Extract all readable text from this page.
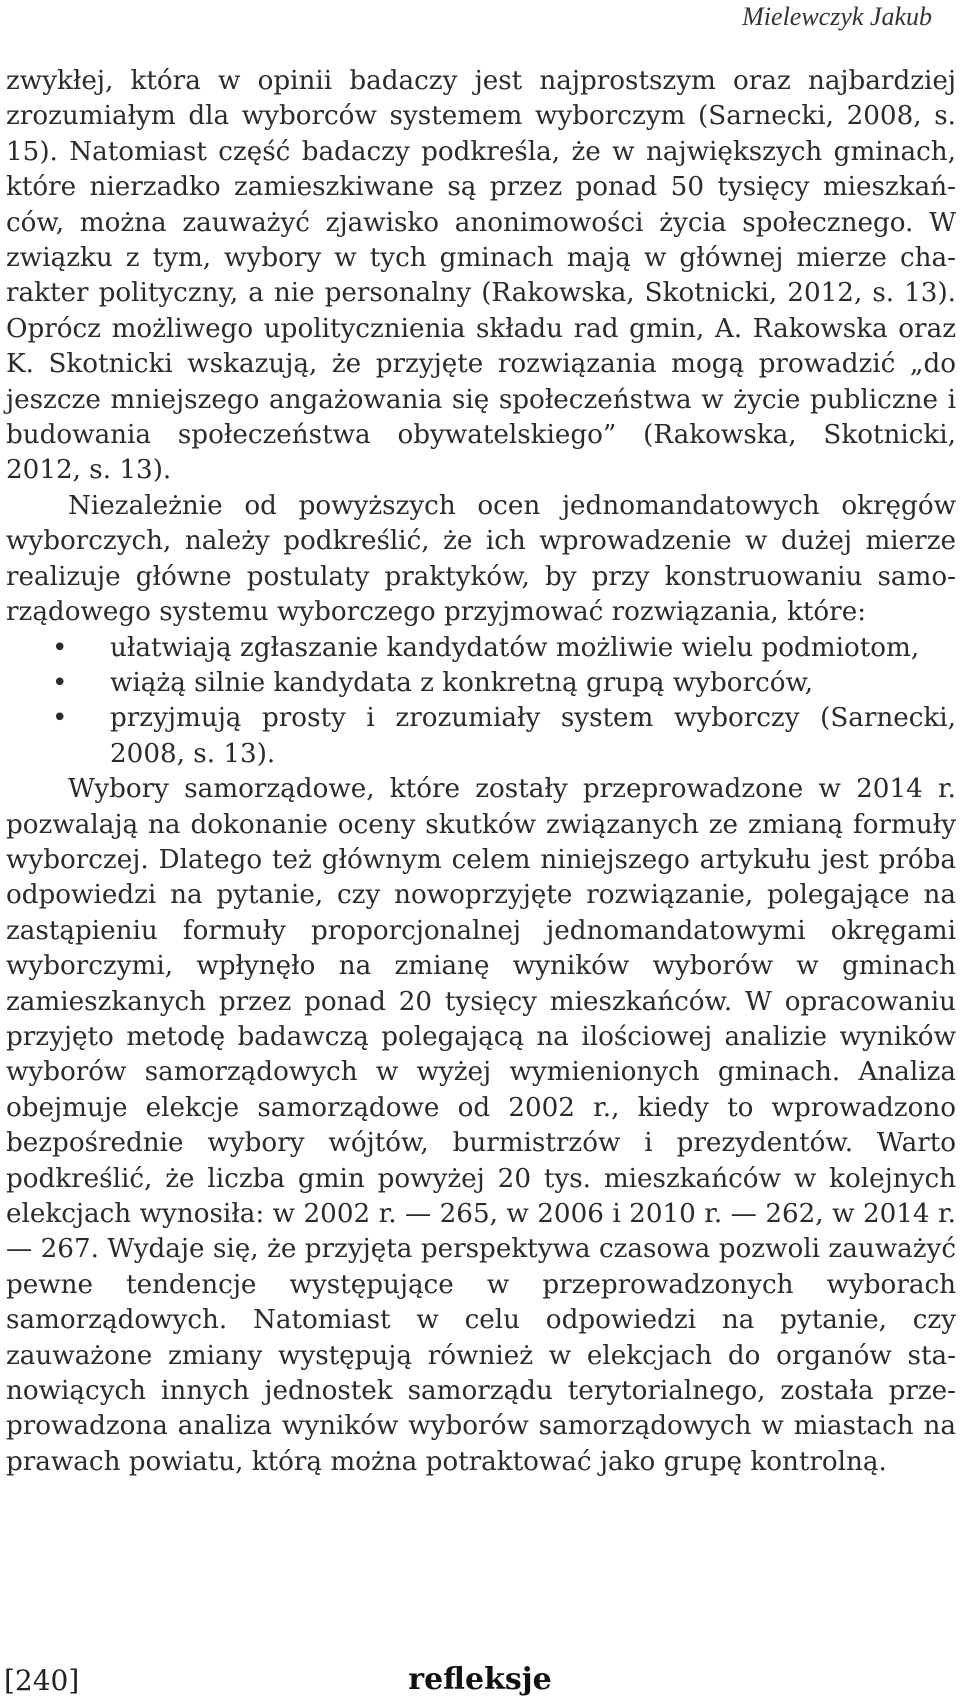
Mielewczyk Jakub

zwykłej, która w opinii badaczy jest najprostszym oraz najbardziej zrozumiałym dla wyborców systemem wyborczym (Sarnecki, 2008, s. 15). Natomiast część badaczy podkreśla, że w największych gminach, które nierzadko zamieszkiwane są przez ponad 50 tysięcy mieszkańców, można zauważyć zjawisko anonimowości życia społecznego. W związku z tym, wybory w tych gminach mają w głównej mierze charakter polityczny, a nie personalny (Rakowska, Skotnicki, 2012, s. 13). Oprócz możliwego upolitycznienia składu rad gmin, A. Rakowska oraz K. Skotnicki wskazują, że przyjęte rozwiązania mogą prowadzić „do jeszcze mniejszego angażowania się społeczeństwa w życie publiczne i budowania społeczeństwa obywatelskiego” (Rakowska, Skotnicki, 2012, s. 13).

Niezależnie od powyższych ocen jednomandatowych okręgów wyborczych, należy podkreślić, że ich wprowadzenie w dużej mierze realizuje główne postulaty praktyków, by przy konstruowaniu samorządowego systemu wyborczego przyjmować rozwiązania, które:

• ułatwiają zgłaszanie kandydatów możliwie wielu podmiotom,
• wiążą silnie kandydata z konkretną grupą wyborców,
• przyjmują prosty i zrozumiały system wyborczy (Sarnecki, 2008, s. 13).

Wybory samorządowe, które zostały przeprowadzone w 2014 r. pozwalają na dokonanie oceny skutków związanych ze zmianą formuły wyborczej. Dlatego też głównym celem niniejszego artykułu jest próba odpowiedzi na pytanie, czy nowoprzyjęte rozwiązanie, polegające na zastąpieniu formuły proporcjonalnej jednomandatowymi okręgami wyborczymi, wpłynęło na zmianę wyników wyborów w gminach zamieszkanych przez ponad 20 tysięcy mieszkańców. W opracowaniu przyjęto metodę badawczą polegającą na ilościowej analizie wyników wyborów samorządowych w wyżej wymienionych gminach. Analiza obejmuje elekcje samorządowe od 2002 r., kiedy to wprowadzono bezpośrednie wybory wójtów, burmistrzów i prezydentów. Warto podkreślić, że liczba gmin powyżej 20 tys. mieszkańców w kolejnych elekcjach wynosiła: w 2002 r. — 265, w 2006 i 2010 r. — 262, w 2014 r. — 267. Wydaje się, że przyjęta perspektywa czasowa pozwoli zauważyć pewne tendencje występujące w przeprowadzonych wyborach samorządowych. Natomiast w celu odpowiedzi na pytanie, czy zauważone zmiany występują również w elekcjach do organów stanowiących innych jednostek samorządu terytorialnego, została przeprowadzona analiza wyników wyborów samorządowych w miastach na prawach powiatu, którą można potraktować jako grupę kontrolną.

[240]	refleksje
